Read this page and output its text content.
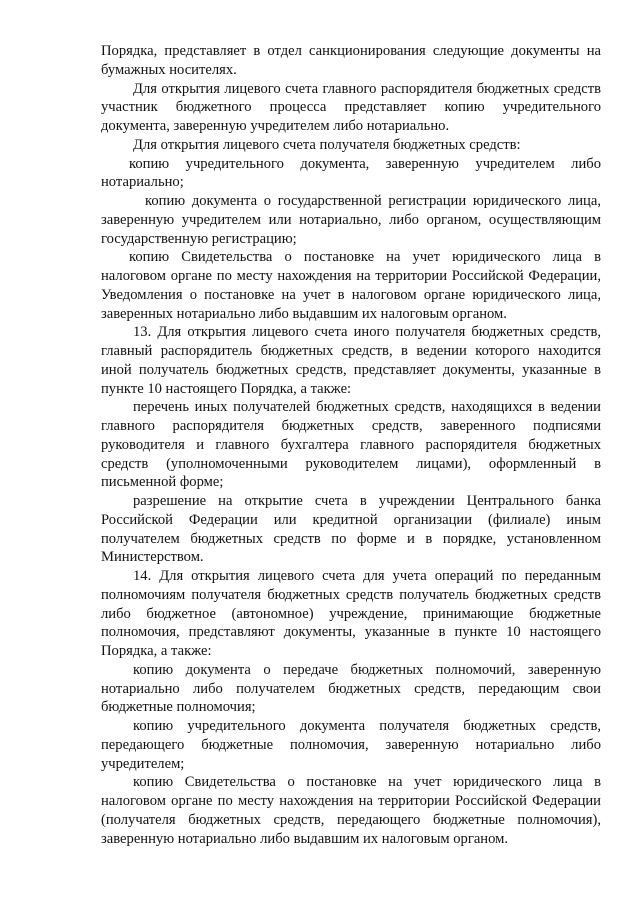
Порядка, представляет в отдел санкционирования следующие документы на бумажных носителях.

Для открытия лицевого счета главного распорядителя бюджетных средств участник бюджетного процесса представляет копию учредительного документа, заверенную учредителем либо нотариально.

Для открытия лицевого счета получателя бюджетных средств:

копию учредительного документа, заверенную учредителем либо нотариально;

копию документа о государственной регистрации юридического лица, заверенную учредителем или нотариально, либо органом, осуществляющим государственную регистрацию;

копию Свидетельства о постановке на учет юридического лица в налоговом органе по месту нахождения на территории Российской Федерации, Уведомления о постановке на учет в налоговом органе юридического лица, заверенных нотариально либо выдавшим их налоговым органом.

13. Для открытия лицевого счета иного получателя бюджетных средств, главный распорядитель бюджетных средств, в ведении которого находится иной получатель бюджетных средств, представляет документы, указанные в пункте 10 настоящего Порядка, а также:

перечень иных получателей бюджетных средств, находящихся в ведении главного распорядителя бюджетных средств, заверенного подписями руководителя и главного бухгалтера главного распорядителя бюджетных средств (уполномоченными руководителем лицами), оформленный в письменной форме;

разрешение на открытие счета в учреждении Центрального банка Российской Федерации или кредитной организации (филиале) иным получателем бюджетных средств по форме и в порядке, установленном Министерством.

14. Для открытия лицевого счета для учета операций по переданным полномочиям получателя бюджетных средств получатель бюджетных средств либо бюджетное (автономное) учреждение, принимающие бюджетные полномочия, представляют документы, указанные в пункте 10 настоящего Порядка, а также:

копию документа о передаче бюджетных полномочий, заверенную нотариально либо получателем бюджетных средств, передающим свои бюджетные полномочия;

копию учредительного документа получателя бюджетных средств, передающего бюджетные полномочия, заверенную нотариально либо учредителем;

копию Свидетельства о постановке на учет юридического лица в налоговом органе по месту нахождения на территории Российской Федерации (получателя бюджетных средств, передающего бюджетные полномочия), заверенную нотариально либо выдавшим их налоговым органом.
